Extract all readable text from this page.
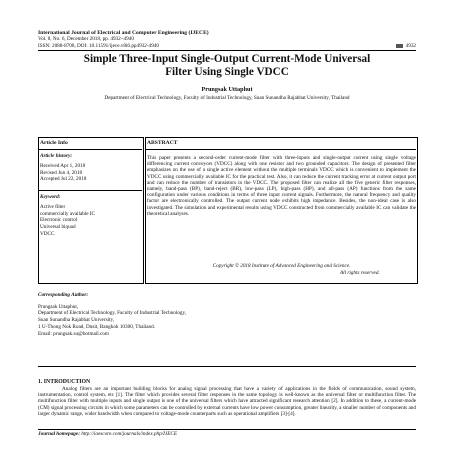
International Journal of Electrical and Computer Engineering (IJECE)
Vol. 8, No. 6, December 2018, pp. 4932~4940
ISSN: 2088-8708, DOI: 10.11591/ijece.v8i6.pp4932-4940	4932
Simple Three-Input Single-Output Current-Mode Universal
Filter Using Single VDCC
Prungsak Uttaphut
Department of Electrical Technology, Faculty of Industrial Technology, Suan Sunandha Rajabhat University, Thailand
Article Info
Article history:
Received Apr 1, 2018
Revised Jun 4, 2018
Accepted Jul 22, 2018
Keyword:
Active filter
commercially available IC
Electronic control
Universal biquad
VDCC
ABSTRACT
This paper presents a second-order current-mode filter with three-inputs and single-output current using single voltage differencing current conveyors (VDCC) along with one resistor and two grounded capacitors. The design of presented filter emphasizes on the use of a single active element without the multiple terminals VDCC which is convenient to implement the VDCC using commercially available IC for the practical test. Also, it can reduce the current tracking error at current output port and can reduce the number of transistors in the VDCC. The proposed filter can realize all the five generic filter responses, namely, band-pass (BP), band-reject (BR), low-pass (LP), high-pass (HP), and all-pass (AP) functions from the same configuration under various conditions in terms of three input current signals. Furthermore, the natural frequency and quality factor are electronically controlled. The output current node exhibits high impedance. Besides, the non-ideal case is also investigated. The simulation and experimental results using VDCC constructed from commercially available IC can validate the theoretical analyses.
Copyright © 2018 Institute of Advanced Engineering and Science.
All rights reserved.
Corresponding Author:
Prungsak Uttaphut,
Department of Electrical Technology, Faculty of Industrial Technology,
Suan Sunandha Rajabhat University,
1 U-Thong Nok Road, Dusit, Bangkok 10300, Thailand.
Email: prungsak.su@hotmail.com
1. INTRODUCTION

Analog filters are an important building blocks for analog signal processing that have a variety of applications in the fields of communication, sound system, instrumentation, control system, etc [1]. The filter which provides several filter responses in the same topology is well-known as the universal filter or multifunction filter. The multifunction filter with multiple inputs and single output is one of the universal filters which have attracted significant research attention [2]. In addition to these, a current-mode (CM) signal processing circuits in which some parameters can be controlled by external currents have low power consumption, greater linearity, a smaller number of components and larger dynamic range, wider bandwidth when compared to voltage-mode counterparts such as operational amplifiers [3]-[4].

Journal homepage: http://iaescore.com/journals/index.php/IJECE
